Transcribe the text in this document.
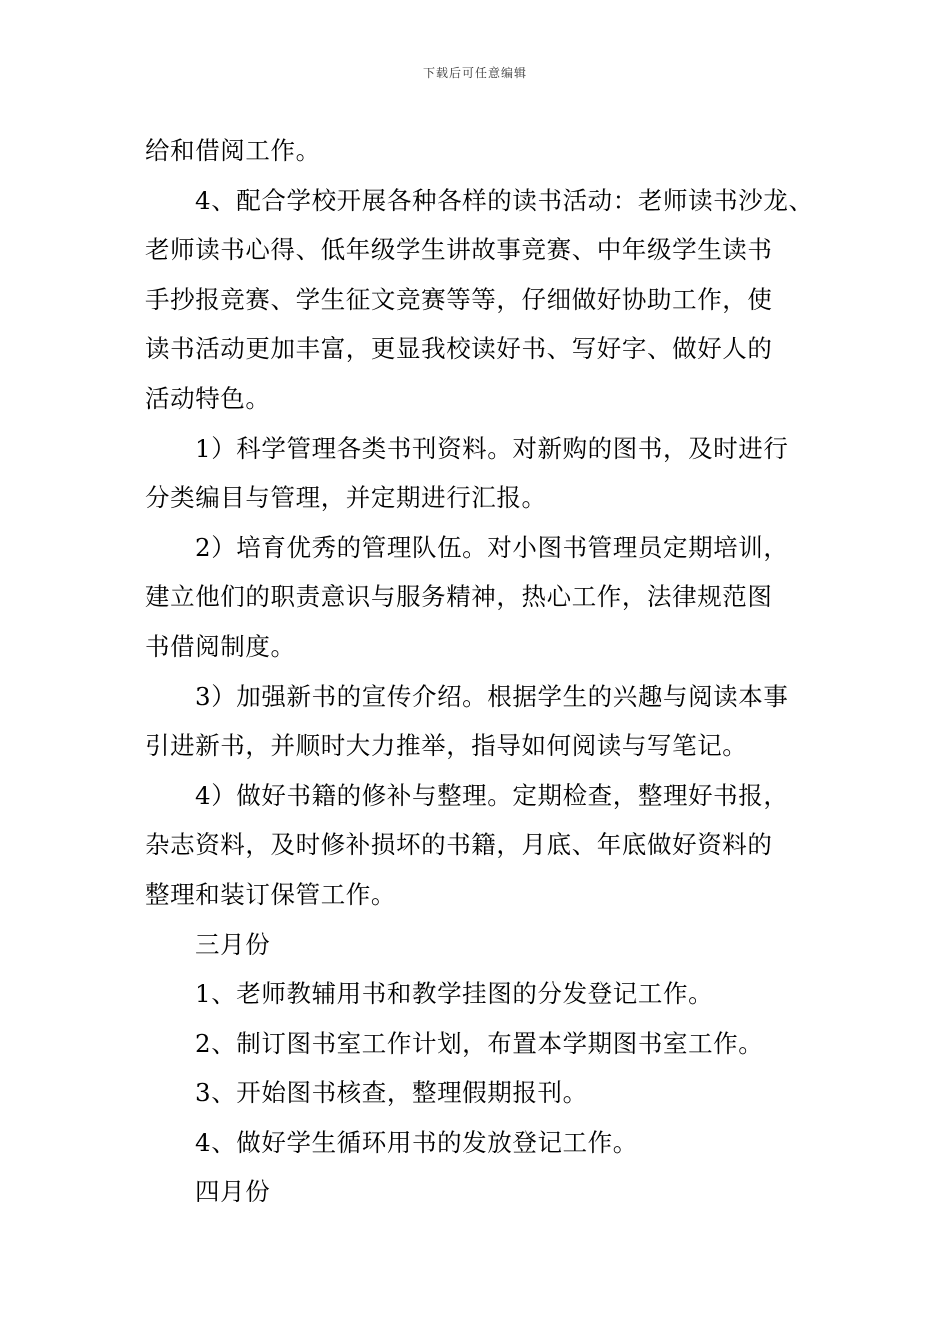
下载后可任意编辑
给和借阅工作。
4、配合学校开展各种各样的读书活动：老师读书沙龙、
老师读书心得、低年级学生讲故事竞赛、中年级学生读书
手抄报竞赛、学生征文竞赛等等，仔细做好协助工作，使
读书活动更加丰富，更显我校读好书、写好字、做好人的
活动特色。
1）科学管理各类书刊资料。对新购的图书，及时进行
分类编目与管理，并定期进行汇报。
2）培育优秀的管理队伍。对小图书管理员定期培训，
建立他们的职责意识与服务精神，热心工作，法律规范图
书借阅制度。
3）加强新书的宣传介绍。根据学生的兴趣与阅读本事
引进新书，并顺时大力推举，指导如何阅读与写笔记。
4）做好书籍的修补与整理。定期检查，整理好书报，
杂志资料，及时修补损坏的书籍，月底、年底做好资料的
整理和装订保管工作。
三月份
1、老师教辅用书和教学挂图的分发登记工作。
2、制订图书室工作计划，布置本学期图书室工作。
3、开始图书核查，整理假期报刊。
4、做好学生循环用书的发放登记工作。
四月份
